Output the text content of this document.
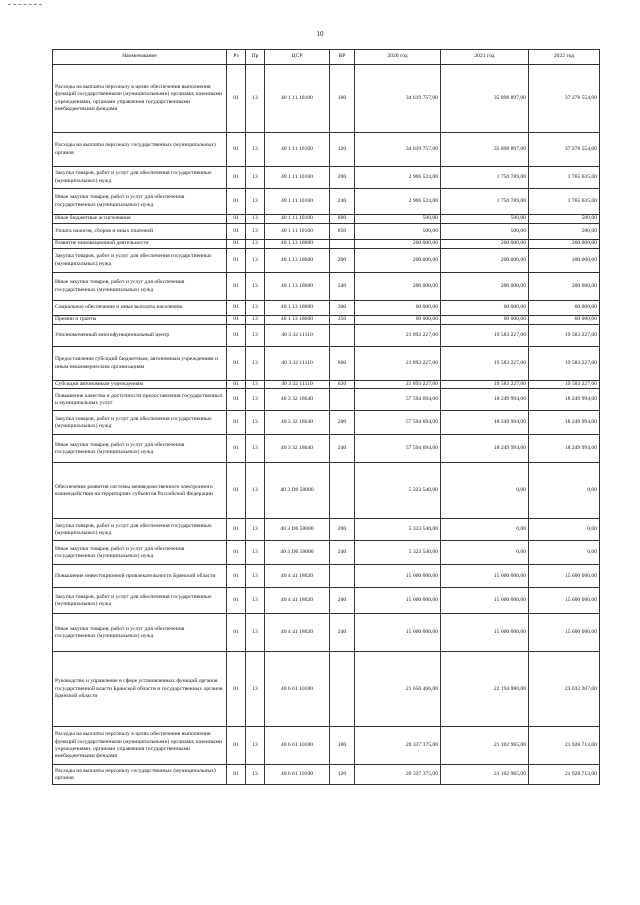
10
Наименование	Рз	Пр	ЦСР	ВР	2020 год	2021 год	2022 год
Расходы на выплаты персоналу в целях обеспечения выполнения функций государственными (муниципальными) органами, казенными учреждениями, органами управления государственными внебюджетными фондами	01	13	40 1 11 10100	100	34 619 757,00	35 898 897,00	37 278 554,00
Расходы на выплаты персоналу государственных (муниципальных) органов	01	13	40 1 11 10100	120	34 619 757,00	35 898 897,00	37 278 554,00
Закупка товаров, работ и услуг для обеспечения государственных (муниципальных) нужд	01	13	40 1 11 10100	200	2 906 524,00	1 750 789,00	1 765 635,00
Иные закупки товаров, работ и услуг для обеспечения государственных (муниципальных) нужд	01	13	40 1 11 10100	240	2 906 524,00	1 750 789,00	1 765 635,00
Иные бюджетные ассигнования	01	13	40 1 11 10100	800	500,00	500,00	500,00
Уплата налогов, сборов и иных платежей	01	13	40 1 11 10100	850	500,00	500,00	500,00
Развитие инновационной деятельности	01	13	40 1 13 18600		260 000,00	260 000,00	260 000,00
Закупка товаров, работ и услуг для обеспечения государственных (муниципальных) нужд	01	13	40 1 13 18600	200	200 000,00	200 000,00	200 000,00
Иные закупки товаров, работ и услуг для обеспечения государственных (муниципальных) нужд	01	13	40 1 13 18600	240	200 000,00	200 000,00	200 000,00
Социальное обеспечение и иные выплаты населению	01	13	40 1 13 18600	300	60 000,00	60 000,00	60 000,00
Премии и гранты	01	13	40 1 13 18600	350	60 000,00	60 000,00	60 000,00
Уполномоченный многофункциональный центр	01	13	40 3 32 11110		21 893 227,00	19 583 227,00	19 583 227,00
Предоставление субсидий бюджетным, автономным учреждениям и иным некоммерческим организациям	01	13	40 3 32 11110	600	21 893 227,00	19 583 227,00	19 583 227,00
Субсидии автономным учреждениям	01	13	40 3 32 11110	620	21 893 227,00	19 583 227,00	19 583 227,00
Повышение качества и доступности предоставления государственных и муниципальных услуг	01	13	40 3 32 18640		57 594 694,00	18 249 994,00	18 249 994,00
Закупка товаров, работ и услуг для обеспечения государственных (муниципальных) нужд	01	13	40 3 32 18640	200	57 594 694,00	18 249 994,00	18 249 994,00
Иные закупки товаров, работ и услуг для обеспечения государственных (муниципальных) нужд	01	13	40 3 32 18640	240	57 594 694,00	18 249 994,00	18 249 994,00
Обеспечение развития системы межведомственного электронного взаимодействия на территориях субъектов Российской Федерации	01	13	40 3 D6 50080		5 323 540,00	0,00	0,00
Закупка товаров, работ и услуг для обеспечения государственных (муниципальных) нужд	01	13	40 3 D6 50080	200	5 323 540,00	0,00	0,00
Иные закупки товаров, работ и услуг для обеспечения государственных (муниципальных) нужд	01	13	40 3 D6 50080	240	5 323 540,00	0,00	0,00
Повышение инвестиционной привлекательности Брянской области	01	13	40 4 41 18620		15 600 000,00	15 600 000,00	15 600 000,00
Закупка товаров, работ и услуг для обеспечения государственных (муниципальных) нужд	01	13	40 4 41 18620	200	15 600 000,00	15 600 000,00	15 600 000,00
Иные закупки товаров, работ и услуг для обеспечения государственных (муниципальных) нужд	01	13	40 4 41 18620	240	15 600 000,00	15 600 000,00	15 600 000,00
Руководство и управление в сфере установленных функций органов государственной власти Брянской области и государственных органов Брянской области	01	13	40 6 61 10100		21 650 466,00	22 194 980,00	23 032 307,00
Расходы на выплаты персоналу в целях обеспечения выполнения функций государственными (муниципальными) органами, казенными учреждениями, органами управления государственными внебюджетными фондами	01	13	40 6 61 10100	100	20 337 375,00	21 102 965,00	21 928 713,00
Расходы на выплаты персоналу государственных (муниципальных) органов	01	13	40 6 61 10100	120	20 337 375,00	21 102 965,00	21 928 713,00
